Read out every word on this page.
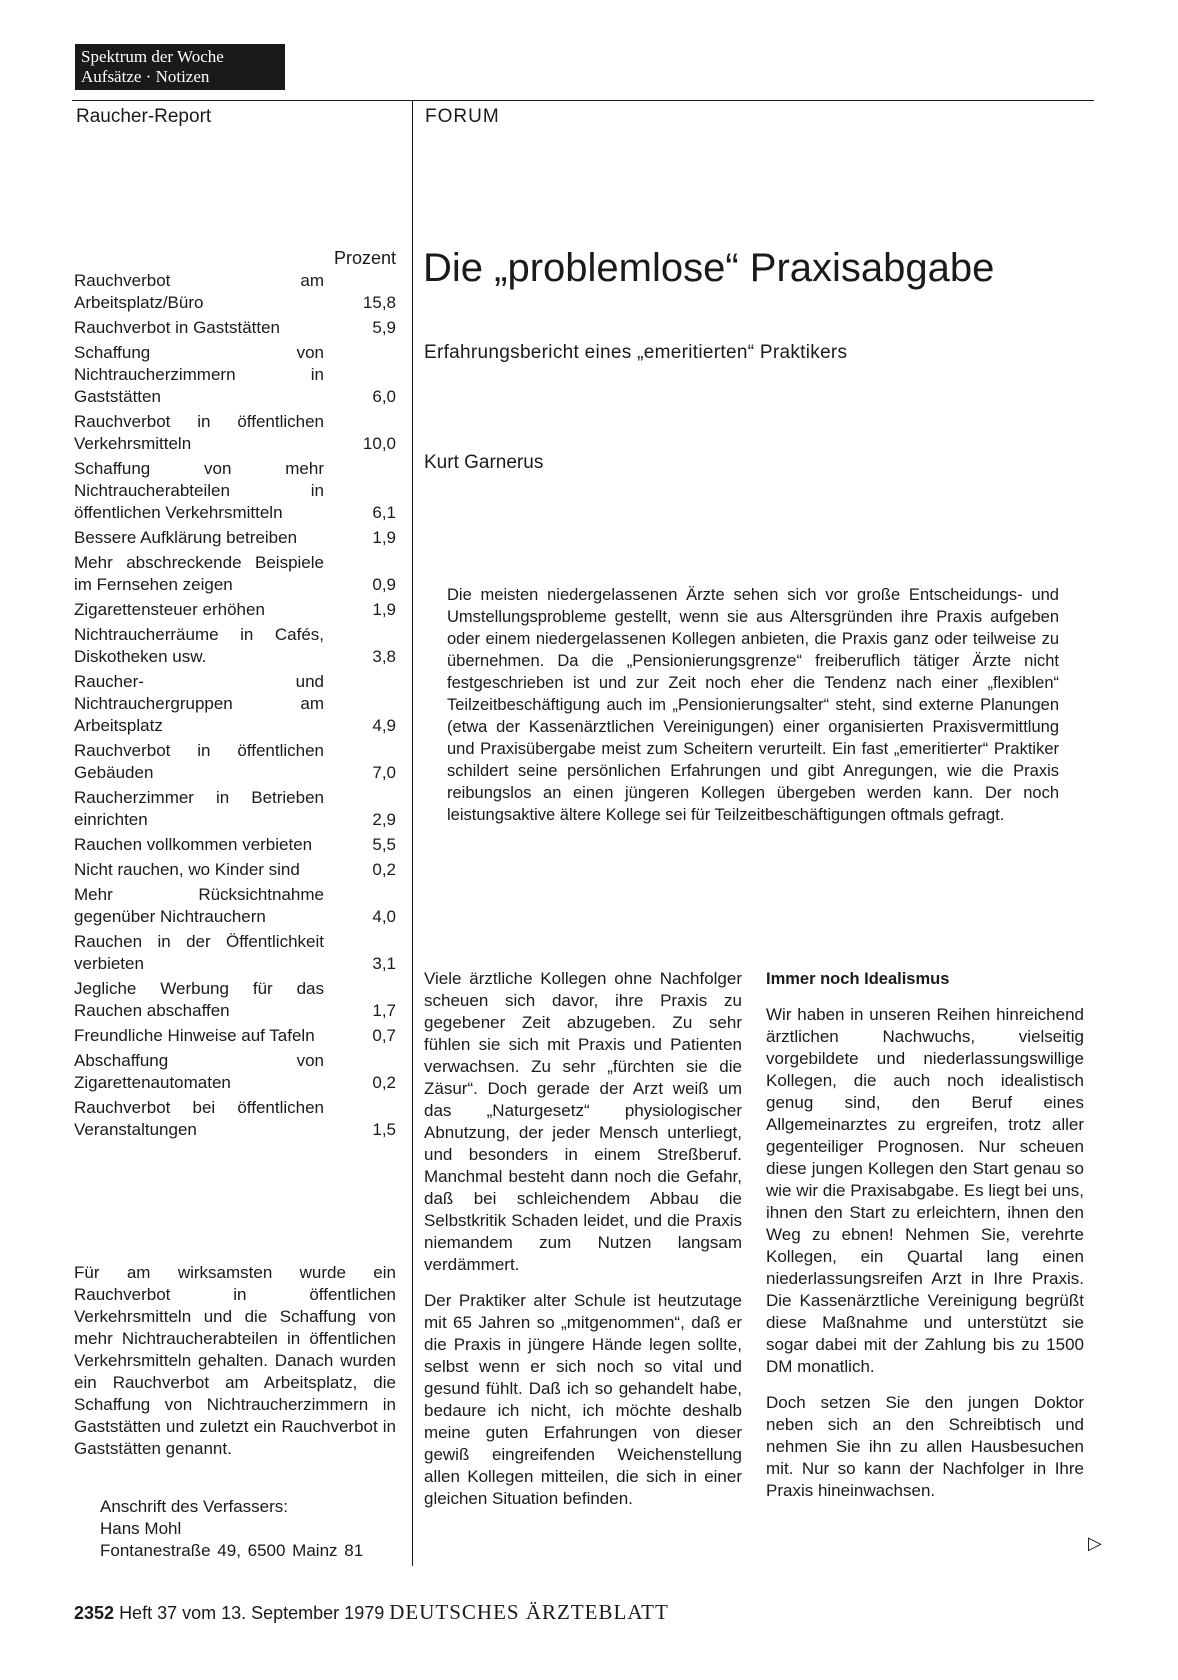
Spektrum der Woche
Aufsätze · Notizen
Raucher-Report	FORUM
Die „problemlose“ Praxisabgabe
Erfahrungsbericht eines „emeritierten“ Praktikers
Kurt Garnerus

Die meisten niedergelassenen Ärzte sehen sich vor große Entscheidungs- und Umstellungsprobleme gestellt, wenn sie aus Altersgründen ihre Praxis aufgeben oder einem niedergelassenen Kollegen anbieten, die Praxis ganz oder teilweise zu übernehmen. Da die „Pensionierungsgrenze“ freiberuflich tätiger Ärzte nicht festgeschrieben ist und zur Zeit noch eher die Tendenz nach einer „flexiblen“ Teilzeitbeschäftigung auch im „Pensionierungsalter“ steht, sind externe Planungen (etwa der Kassenärztlichen Vereinigungen) einer organisierten Praxisvermittlung und Praxisübergabe meist zum Scheitern verurteilt. Ein fast „emeritierter“ Praktiker schildert seine persönlichen Erfahrungen und gibt Anregungen, wie die Praxis reibungslos an einen jüngeren Kollegen übergeben werden kann. Der noch leistungsaktive ältere Kollege sei für Teilzeitbeschäftigungen oftmals gefragt.

Prozent
Rauchverbot am Arbeitsplatz/Büro	15,8
Rauchverbot in Gaststätten	5,9
Schaffung von Nichtraucherzimmern in Gaststätten	6,0
Rauchverbot in öffentlichen Verkehrsmitteln	10,0
Schaffung von mehr Nichtraucherabteilen in öffentlichen Verkehrsmitteln	6,1
Bessere Aufklärung betreiben	1,9
Mehr abschreckende Beispiele im Fernsehen zeigen	0,9
Zigarettensteuer erhöhen	1,9
Nichtraucherräume in Cafés, Diskotheken usw.	3,8
Raucher- und Nichtrauchergruppen am Arbeitsplatz	4,9
Rauchverbot in öffentlichen Gebäuden	7,0
Raucherzimmer in Betrieben einrichten	2,9
Rauchen vollkommen verbieten	5,5
Nicht rauchen, wo Kinder sind	0,2
Mehr Rücksichtnahme gegenüber Nichtrauchern	4,0
Rauchen in der Öffentlichkeit verbieten	3,1
Jegliche Werbung für das Rauchen abschaffen	1,7
Freundliche Hinweise auf Tafeln	0,7
Abschaffung von Zigarettenautomaten	0,2
Rauchverbot bei öffentlichen Veranstaltungen	1,5

Für am wirksamsten wurde ein Rauchverbot in öffentlichen Verkehrsmitteln und die Schaffung von mehr Nichtraucherabteilen in öffentlichen Verkehrsmitteln gehalten. Danach wurden ein Rauchverbot am Arbeitsplatz, die Schaffung von Nichtraucherzimmern in Gaststätten und zuletzt ein Rauchverbot in Gaststätten genannt.

Anschrift des Verfassers:
Hans Mohl
Fontanestraße 49, 6500 Mainz 81

Viele ärztliche Kollegen ohne Nachfolger scheuen sich davor, ihre Praxis zu gegebener Zeit abzugeben. Zu sehr fühlen sie sich mit Praxis und Patienten verwachsen. Zu sehr „fürchten sie die Zäsur“. Doch gerade der Arzt weiß um das „Naturgesetz“ physiologischer Abnutzung, der jeder Mensch unterliegt, und besonders in einem Streßberuf. Manchmal besteht dann noch die Gefahr, daß bei schleichendem Abbau die Selbstkritik Schaden leidet, und die Praxis niemandem zum Nutzen langsam verdämmert.

Der Praktiker alter Schule ist heutzutage mit 65 Jahren so „mitgenommen“, daß er die Praxis in jüngere Hände legen sollte, selbst wenn er sich noch so vital und gesund fühlt. Daß ich so gehandelt habe, bedaure ich nicht, ich möchte deshalb meine guten Erfahrungen von dieser gewiß eingreifenden Weichenstellung allen Kollegen mitteilen, die sich in einer gleichen Situation befinden.

Immer noch Idealismus

Wir haben in unseren Reihen hinreichend ärztlichen Nachwuchs, vielseitig vorgebildete und niederlassungswillige Kollegen, die auch noch idealistisch genug sind, den Beruf eines Allgemeinarztes zu ergreifen, trotz aller gegenteiliger Prognosen. Nur scheuen diese jungen Kollegen den Start genau so wie wir die Praxisabgabe. Es liegt bei uns, ihnen den Start zu erleichtern, ihnen den Weg zu ebnen! Nehmen Sie, verehrte Kollegen, ein Quartal lang einen niederlassungsreifen Arzt in Ihre Praxis. Die Kassenärztliche Vereinigung begrüßt diese Maßnahme und unterstützt sie sogar dabei mit der Zahlung bis zu 1500 DM monatlich.

Doch setzen Sie den jungen Doktor neben sich an den Schreibtisch und nehmen Sie ihn zu allen Hausbesuchen mit. Nur so kann der Nachfolger in Ihre Praxis hineinwachsen.

▷
2352 Heft 37 vom 13. September 1979 DEUTSCHES ÄRZTEBLATT
